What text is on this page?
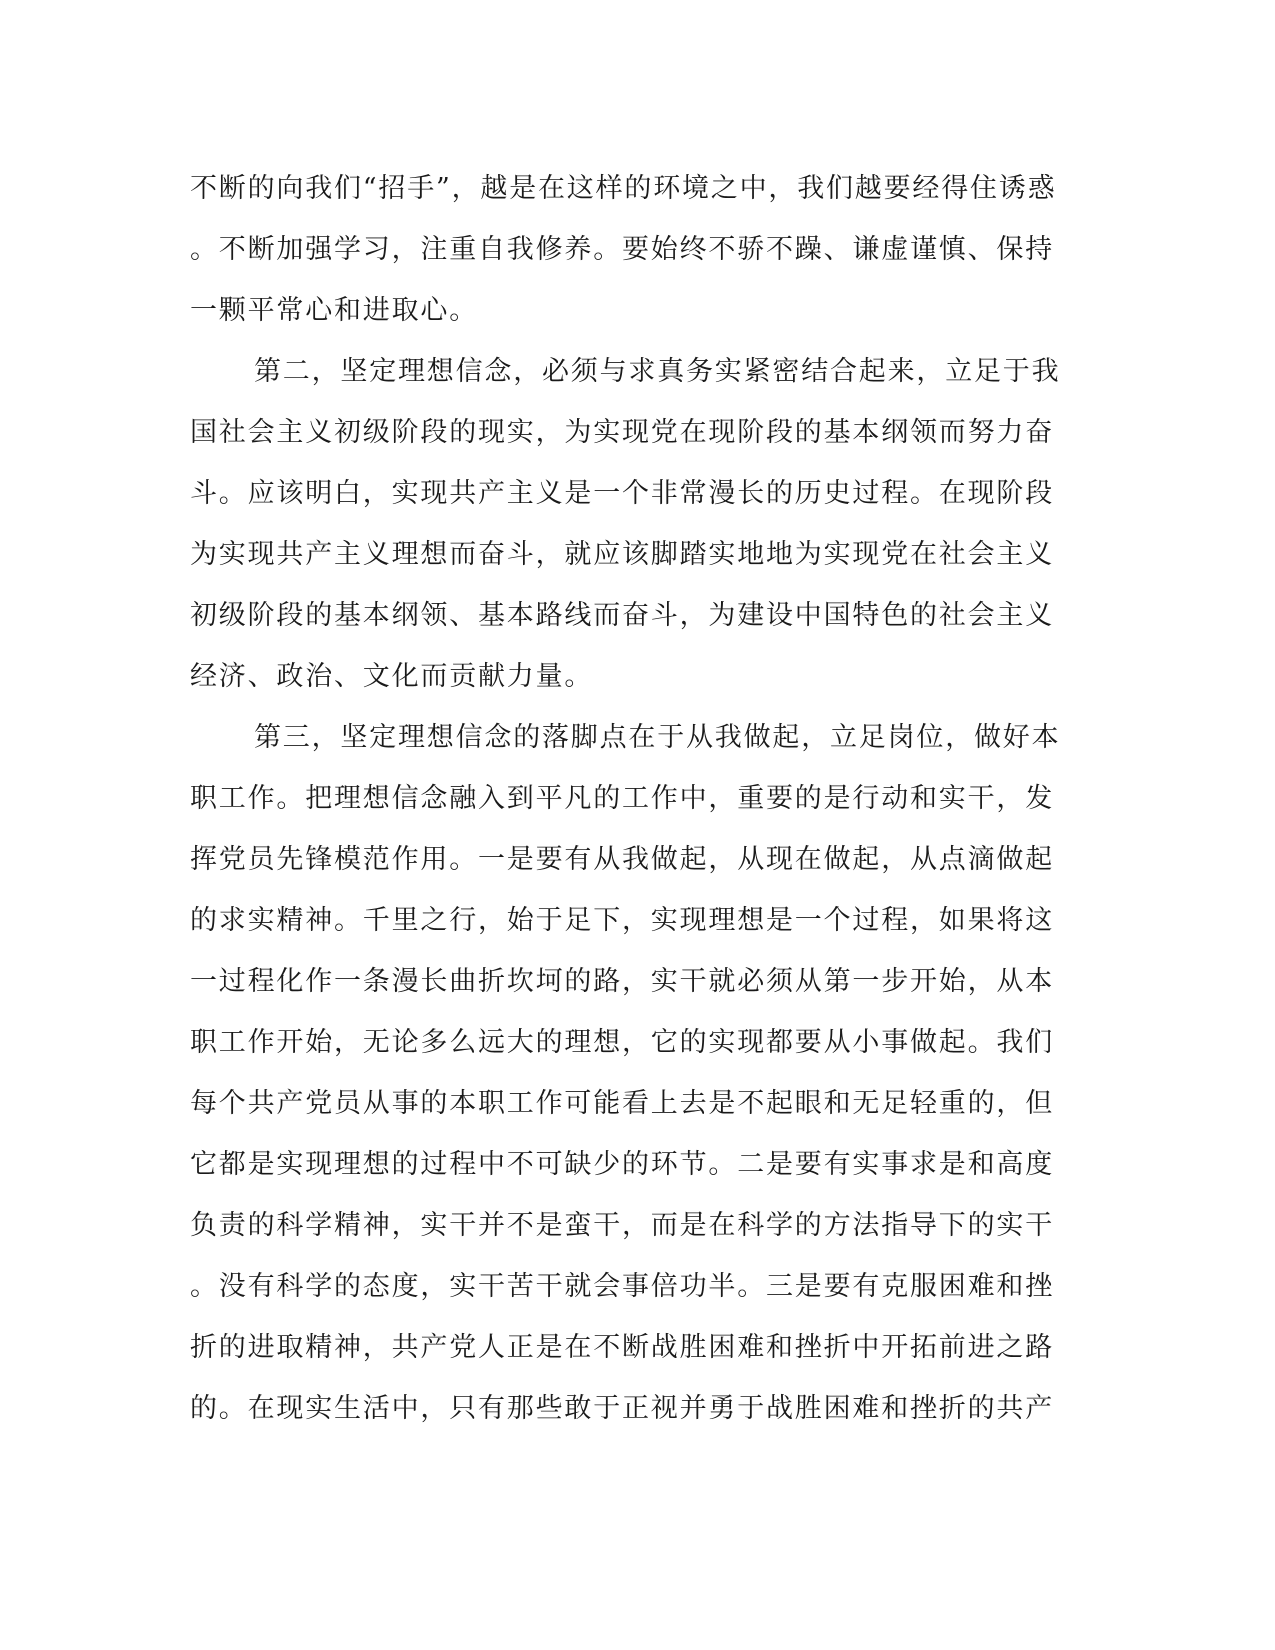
不断的向我们“招手”，越是在这样的环境之中，我们越要经得住诱惑
。不断加强学习，注重自我修养。要始终不骄不躁、谦虚谨慎、保持
一颗平常心和进取心。
第二，坚定理想信念，必须与求真务实紧密结合起来，立足于我
国社会主义初级阶段的现实，为实现党在现阶段的基本纲领而努力奋
斗。应该明白，实现共产主义是一个非常漫长的历史过程。在现阶段
为实现共产主义理想而奋斗，就应该脚踏实地地为实现党在社会主义
初级阶段的基本纲领、基本路线而奋斗，为建设中国特色的社会主义
经济、政治、文化而贡献力量。
第三，坚定理想信念的落脚点在于从我做起，立足岗位，做好本
职工作。把理想信念融入到平凡的工作中，重要的是行动和实干，发
挥党员先锋模范作用。一是要有从我做起，从现在做起，从点滴做起
的求实精神。千里之行，始于足下，实现理想是一个过程，如果将这
一过程化作一条漫长曲折坎坷的路，实干就必须从第一步开始，从本
职工作开始，无论多么远大的理想，它的实现都要从小事做起。我们
每个共产党员从事的本职工作可能看上去是不起眼和无足轻重的，但
它都是实现理想的过程中不可缺少的环节。二是要有实事求是和高度
负责的科学精神，实干并不是蛮干，而是在科学的方法指导下的实干
。没有科学的态度，实干苦干就会事倍功半。三是要有克服困难和挫
折的进取精神，共产党人正是在不断战胜困难和挫折中开拓前进之路
的。在现实生活中，只有那些敢于正视并勇于战胜困难和挫折的共产
